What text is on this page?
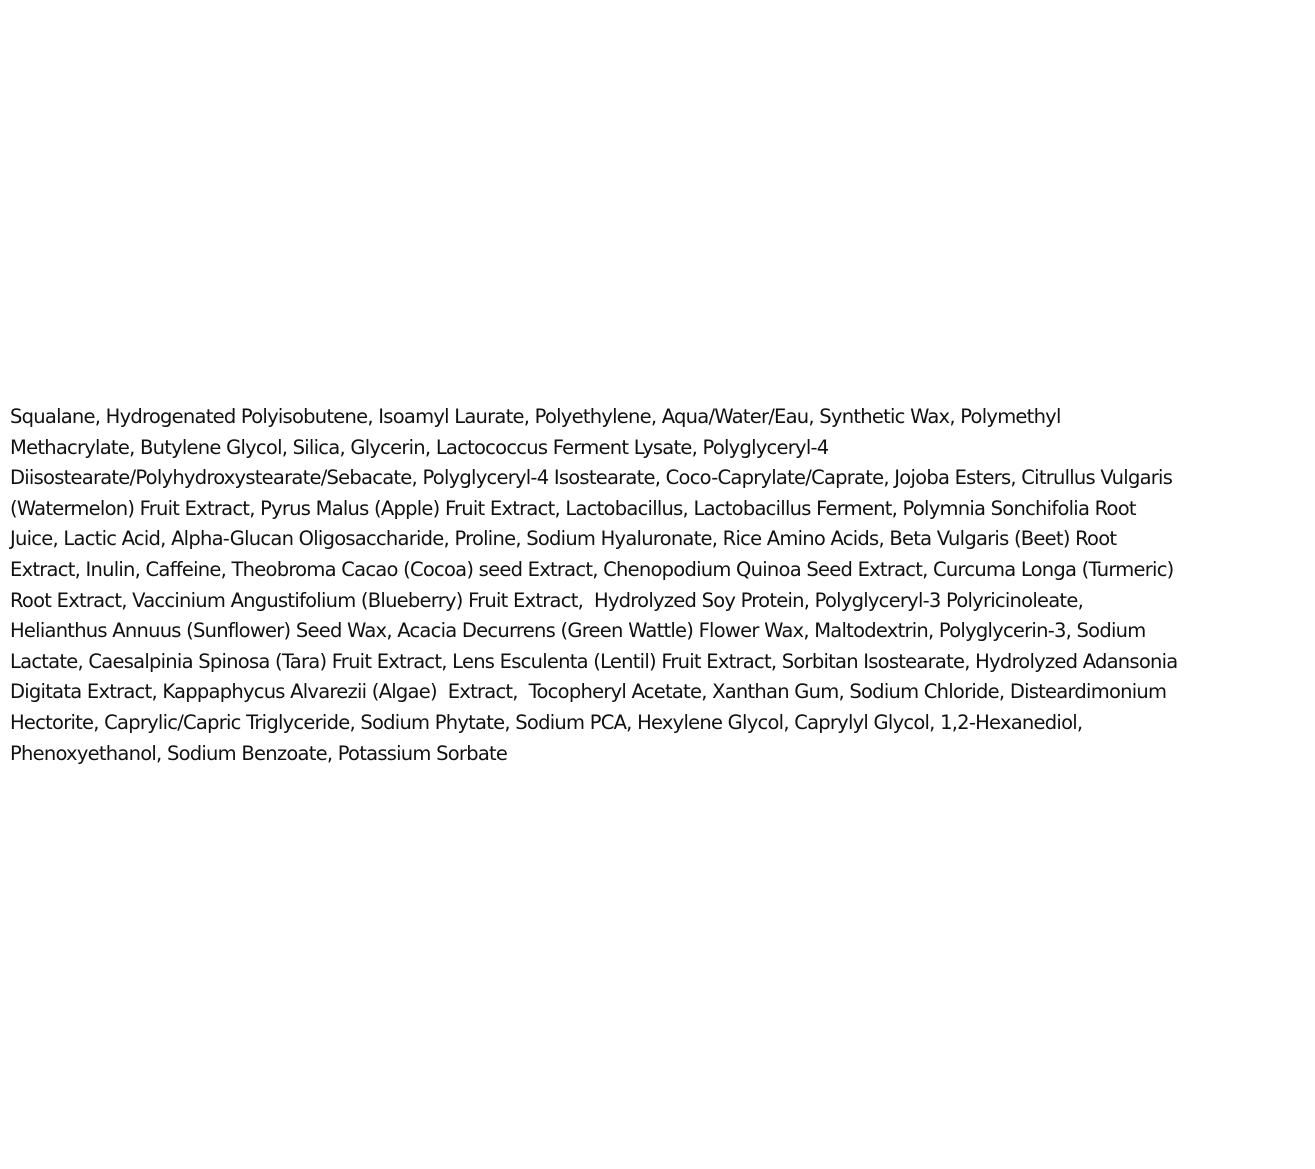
Squalane, Hydrogenated Polyisobutene, Isoamyl Laurate, Polyethylene, Aqua/Water/Eau, Synthetic Wax, Polymethyl
Methacrylate, Butylene Glycol, Silica, Glycerin, Lactococcus Ferment Lysate, Polyglyceryl-4
Diisostearate/Polyhydroxystearate/Sebacate, Polyglyceryl-4 Isostearate, Coco-Caprylate/Caprate, Jojoba Esters, Citrullus Vulgaris
(Watermelon) Fruit Extract, Pyrus Malus (Apple) Fruit Extract, Lactobacillus, Lactobacillus Ferment, Polymnia Sonchifolia Root
Juice, Lactic Acid, Alpha-Glucan Oligosaccharide, Proline, Sodium Hyaluronate, Rice Amino Acids, Beta Vulgaris (Beet) Root
Extract, Inulin, Caffeine, Theobroma Cacao (Cocoa) seed Extract, Chenopodium Quinoa Seed Extract, Curcuma Longa (Turmeric)
Root Extract, Vaccinium Angustifolium (Blueberry) Fruit Extract,  Hydrolyzed Soy Protein, Polyglyceryl-3 Polyricinoleate,
Helianthus Annuus (Sunflower) Seed Wax, Acacia Decurrens (Green Wattle) Flower Wax, Maltodextrin, Polyglycerin-3, Sodium
Lactate, Caesalpinia Spinosa (Tara) Fruit Extract, Lens Esculenta (Lentil) Fruit Extract, Sorbitan Isostearate, Hydrolyzed Adansonia
Digitata Extract, Kappaphycus Alvarezii (Algae)  Extract,  Tocopheryl Acetate, Xanthan Gum, Sodium Chloride, Disteardimonium
Hectorite, Caprylic/Capric Triglyceride, Sodium Phytate, Sodium PCA, Hexylene Glycol, Caprylyl Glycol, 1,2-Hexanediol,
Phenoxyethanol, Sodium Benzoate, Potassium Sorbate
